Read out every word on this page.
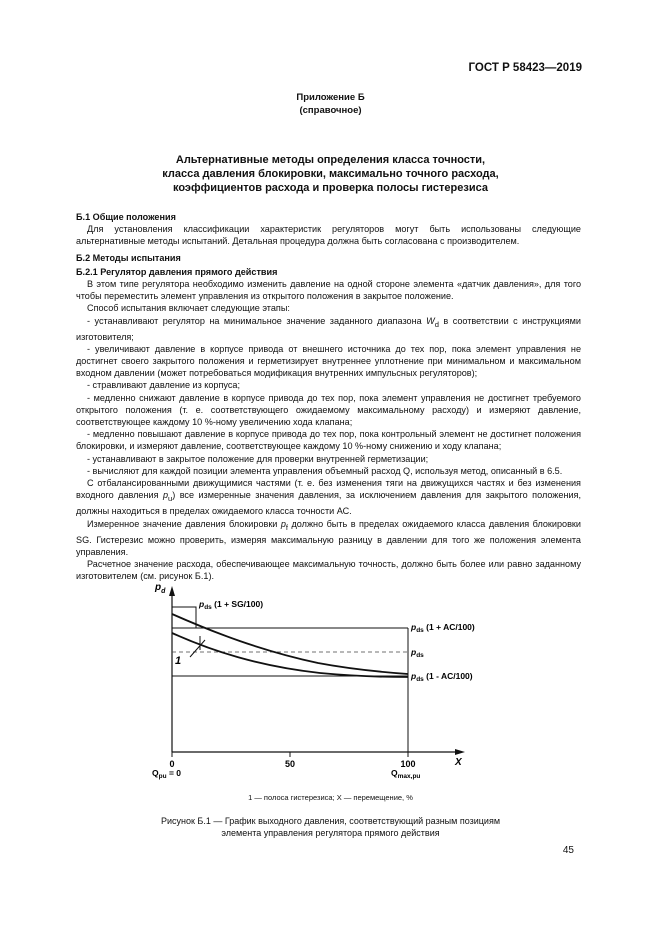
ГОСТ Р 58423—2019
Приложение Б
(справочное)
Альтернативные методы определения класса точности,
класса давления блокировки, максимально точного расхода,
коэффициентов расхода и проверка полосы гистерезиса

Б.1 Общие положения

Для установления классификации характеристик регуляторов могут быть использованы следующие альтернативные методы испытаний. Детальная процедура должна быть согласована с производителем.

Б.2 Методы испытания

Б.2.1 Регулятор давления прямого действия

В этом типе регулятора необходимо изменить давление на одной стороне элемента «датчик давления», для того чтобы переместить элемент управления из открытого положения в закрытое положение.

Способ испытания включает следующие этапы:

- устанавливают регулятор на минимальное значение заданного диапазона $W_d$ в соответствии с инструкциями изготовителя;

- увеличивают давление в корпусе привода от внешнего источника до тех пор, пока элемент управления не достигнет своего закрытого положения и герметизирует внутреннее уплотнение при минимальном и максимальном входном давлении (может потребоваться модификация внутренних импульсных регуляторов);

- стравливают давление из корпуса;

- медленно снижают давление в корпусе привода до тех пор, пока элемент управления не достигнет требуемого открытого положения (т. е. соответствующего ожидаемому максимальному расходу) и измеряют давление, соответствующее каждому 10 %-ному увеличению хода клапана;

- медленно повышают давление в корпусе привода до тех пор, пока контрольный элемент не достигнет положения блокировки, и измеряют давление, соответствующее каждому 10 %-ному снижению и ходу клапана;

- устанавливают в закрытое положение для проверки внутренней герметизации;

- вычисляют для каждой позиции элемента управления объемный расход Q, используя метод, описанный в 6.5.

С отбалансированными движущимися частями (т. е. без изменения тяги на движущихся частях и без изменения входного давления $p_u$) все измеренные значения давления, за исключением давления для закрытого положения, должны находиться в пределах ожидаемого класса точности АС.

Измеренное значение давления блокировки $p_f$ должно быть в пределах ожидаемого класса давления блокировки SG. Гистерезис можно проверить, измеряя максимальную разницу в давлении для того же положения элемента управления.

Расчетное значение расхода, обеспечивающее максимальную точность, должно быть более или равно заданному изготовителем (см. рисунок Б.1).

1
$p_d$
$p_{ds}$ (1 + SG/100)
$p_{ds}$ (1 + AC/100)
$p_{ds}$
$p_{ds}$ (1 - AC/100)
0	50	100	X
$Q_{pu} = 0$	$Q_{max,pu}$
1 — полоса гистерезиса; X — перемещение, %
Рисунок Б.1 — График выходного давления, соответствующий разным позициям
элемента управления регулятора прямого действия
45
